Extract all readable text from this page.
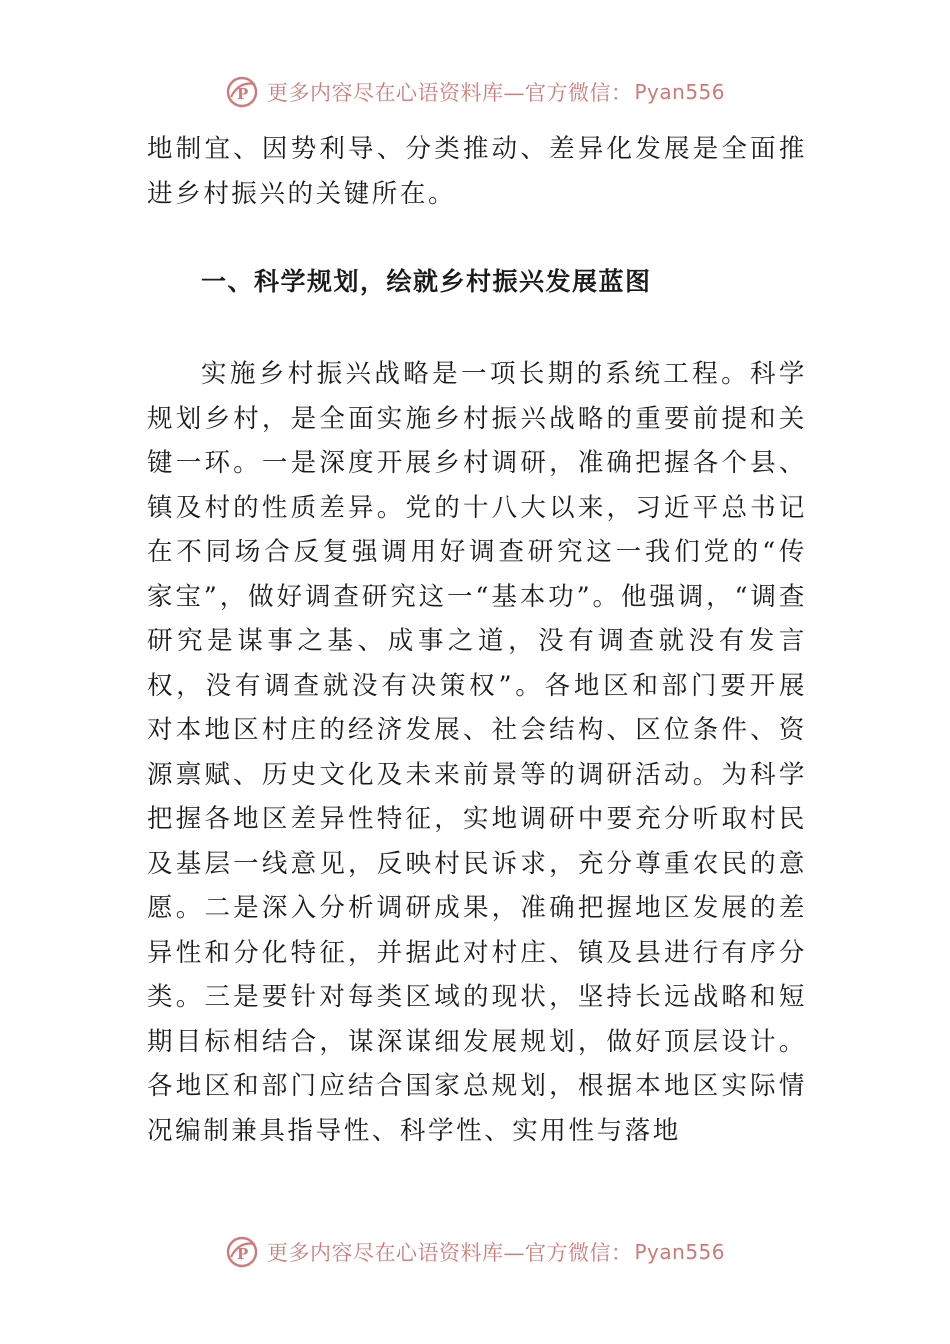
P 更多内容尽在心语资料库—官方微信： Pyan556

地制宜、因势利导、分类推动、差异化发展是全面推进乡村振兴的关键所在。

一、科学规划，绘就乡村振兴发展蓝图

实施乡村振兴战略是一项长期的系统工程。科学规划乡村，是全面实施乡村振兴战略的重要前提和关键一环。一是深度开展乡村调研，准确把握各个县、镇及村的性质差异。党的十八大以来，习近平总书记在不同场合反复强调用好调查研究这一我们党的“传家宝”，做好调查研究这一“基本功”。他强调，“调查研究是谋事之基、成事之道，没有调查就没有发言权，没有调查就没有决策权”。各地区和部门要开展对本地区村庄的经济发展、社会结构、区位条件、资源禀赋、历史文化及未来前景等的调研活动。为科学把握各地区差异性特征，实地调研中要充分听取村民及基层一线意见，反映村民诉求，充分尊重农民的意愿。二是深入分析调研成果，准确把握地区发展的差异性和分化特征，并据此对村庄、镇及县进行有序分类。三是要针对每类区域的现状，坚持长远战略和短期目标相结合，谋深谋细发展规划，做好顶层设计。各地区和部门应结合国家总规划，根据本地区实际情况编制兼具指导性、科学性、实用性与落地

P 更多内容尽在心语资料库—官方微信： Pyan556
